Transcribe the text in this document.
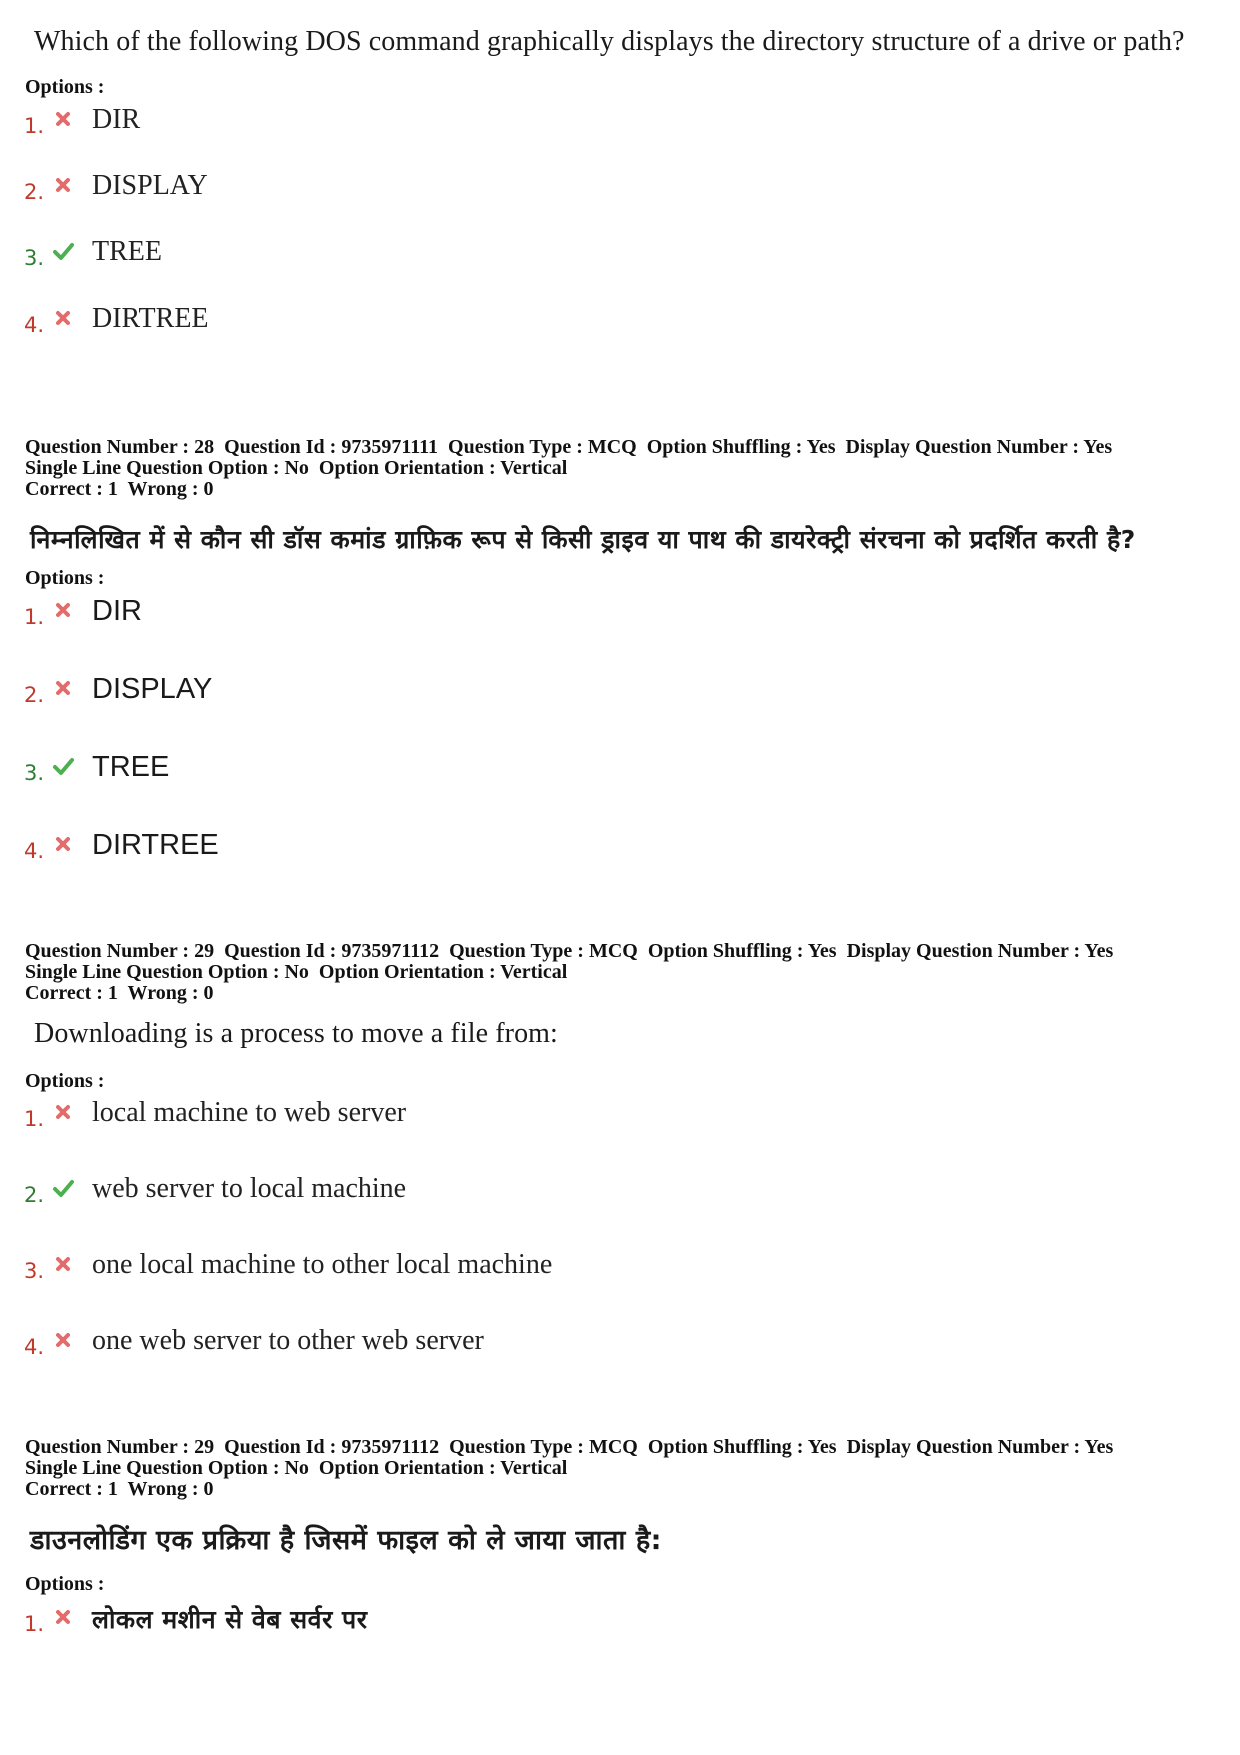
Which of the following DOS command graphically displays the directory structure of a drive or path?
Options :
1. DIR
2. DISPLAY
3. TREE
4. DIRTREE
Question Number : 28  Question Id : 9735971111  Question Type : MCQ  Option Shuffling : Yes  Display Question Number : Yes
Single Line Question Option : No  Option Orientation : Vertical
Correct : 1  Wrong : 0
निम्नलिखित में से कौन सी डॉस कमांड ग्राफ़िक रूप से किसी ड्राइव या पाथ की डायरेक्ट्री संरचना को प्रदर्शित करती है?
Options :
1. DIR
2. DISPLAY
3. TREE
4. DIRTREE
Question Number : 29  Question Id : 9735971112  Question Type : MCQ  Option Shuffling : Yes  Display Question Number : Yes
Single Line Question Option : No  Option Orientation : Vertical
Correct : 1  Wrong : 0
Downloading is a process to move a file from:
Options :
1. local machine to web server
2. web server to local machine
3. one local machine to other local machine
4. one web server to other web server
Question Number : 29  Question Id : 9735971112  Question Type : MCQ  Option Shuffling : Yes  Display Question Number : Yes
Single Line Question Option : No  Option Orientation : Vertical
Correct : 1  Wrong : 0
डाउनलोडिंग एक प्रक्रिया है जिसमें फाइल को ले जाया जाता है:
Options :
1. लोकल मशीन से वेब सर्वर पर
